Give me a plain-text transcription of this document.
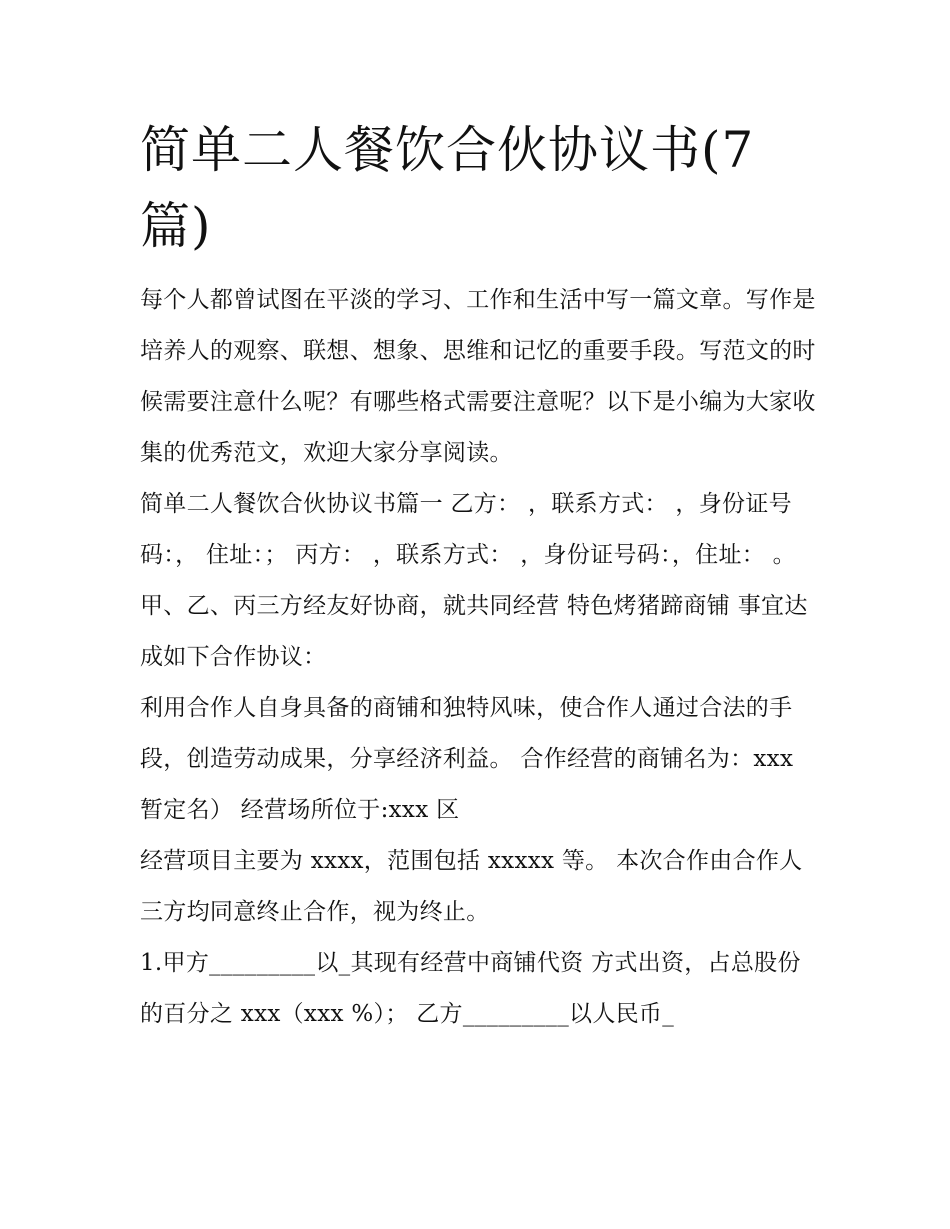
简单二人餐饮合伙协议书(7
篇)

每个人都曾试图在平淡的学习、工作和生活中写一篇文章。写作是培养人的观察、联想、想象、思维和记忆的重要手段。写范文的时候需要注意什么呢？有哪些格式需要注意呢？以下是小编为大家收集的优秀范文，欢迎大家分享阅读。

简单二人餐饮合伙协议书篇一 乙方： ，联系方式： ，身份证号码：， 住址：； 丙方： ，联系方式： ，身份证号码：，住址： 。

甲、乙、丙三方经友好协商，就共同经营 特色烤猪蹄商铺 事宜达成如下合作协议：

利用合作人自身具备的商铺和独特风味，使合作人通过合法的手段，创造劳动成果，分享经济利益。 合作经营的商铺名为：xxx 暂定名） 经营场所位于:xxx 区

经营项目主要为 xxxx，范围包括 xxxxx 等。 本次合作由合作人三方均同意终止合作，视为终止。

1.甲方_________以_其现有经营中商铺代资 方式出资，占总股份的百分之 xxx（xxx %）； 乙方_________以人民币_
